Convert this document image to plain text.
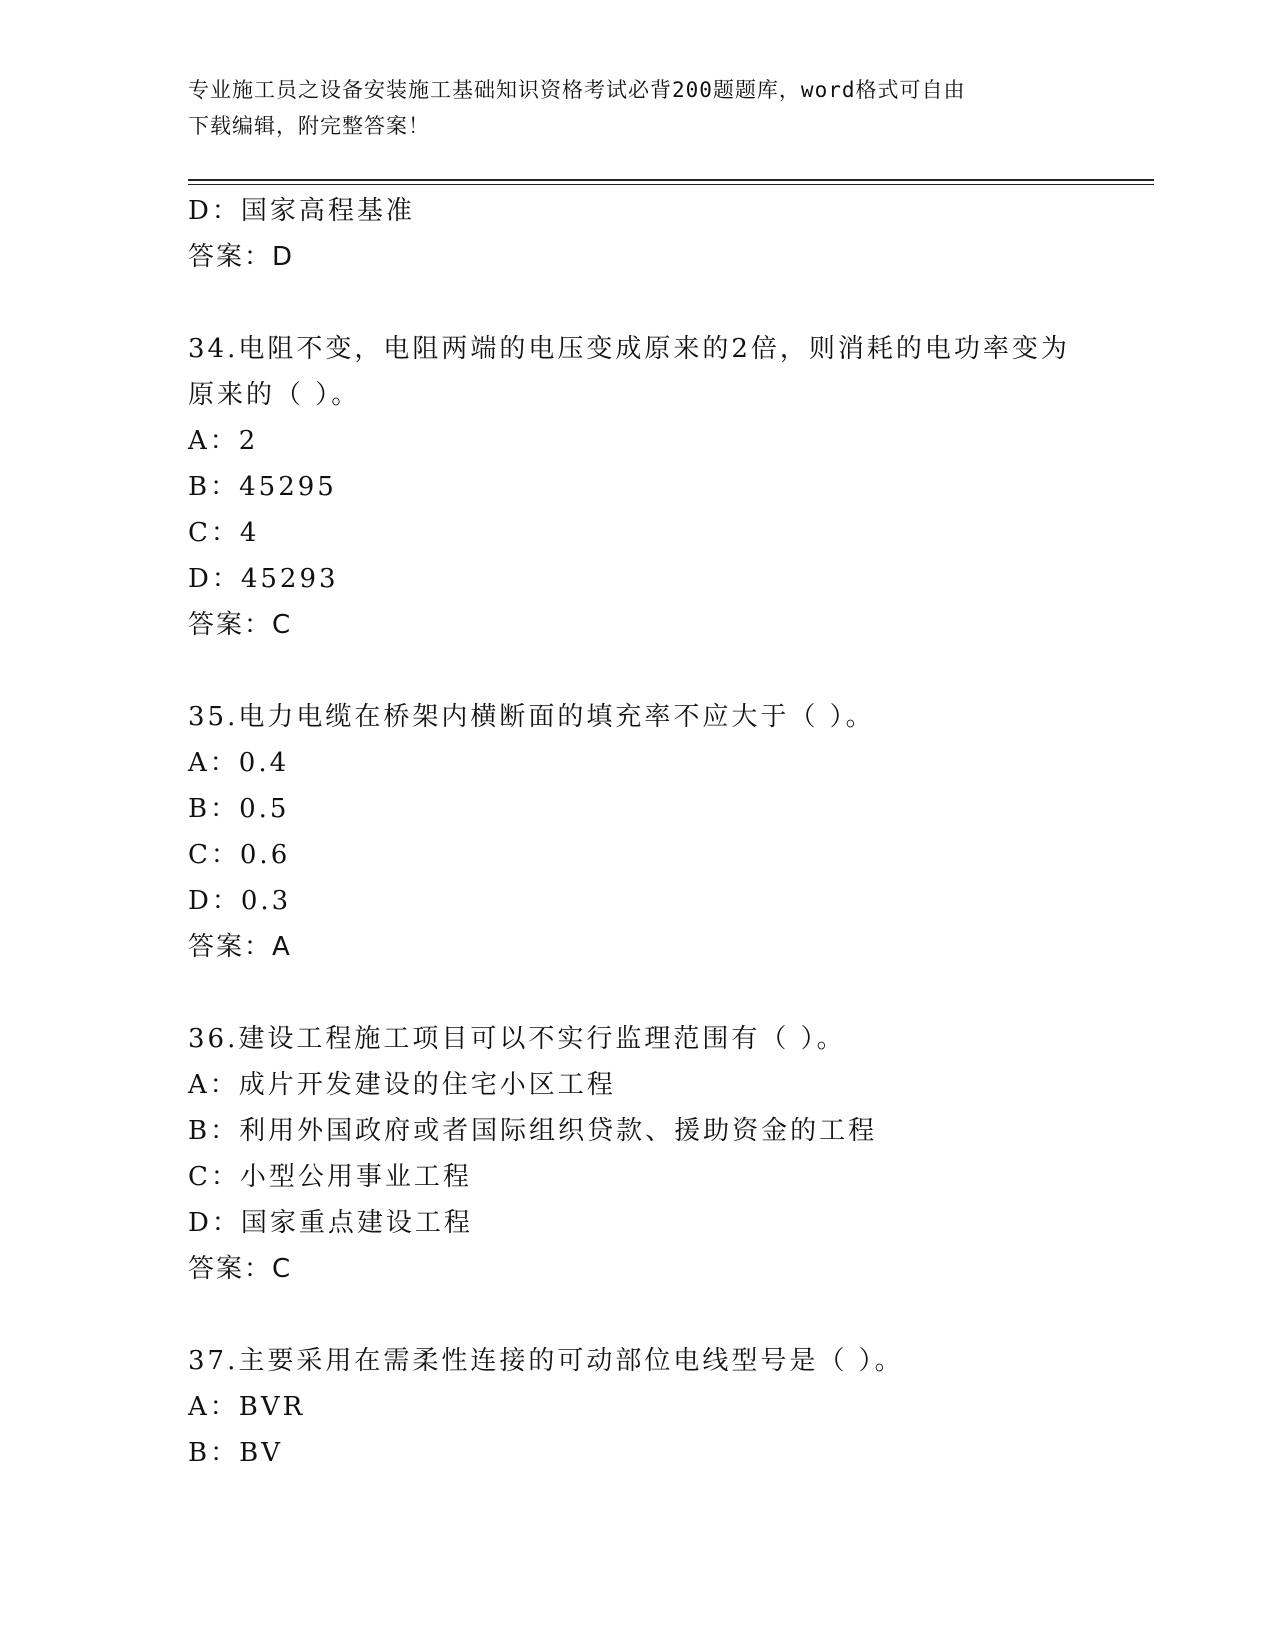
专业施工员之设备安装施工基础知识资格考试必背200题题库，word格式可自由
下载编辑，附完整答案！
D：国家高程基准
答案：D
34.电阻不变，电阻两端的电压变成原来的2倍，则消耗的电功率变为
原来的（ ）。
A：2
B：45295
C：4
D：45293
答案：C
35.电力电缆在桥架内横断面的填充率不应大于（ ）。
A：0.4
B：0.5
C：0.6
D：0.3
答案：A
36.建设工程施工项目可以不实行监理范围有（ ）。
A：成片开发建设的住宅小区工程
B：利用外国政府或者国际组织贷款、援助资金的工程
C：小型公用事业工程
D：国家重点建设工程
答案：C
37.主要采用在需柔性连接的可动部位电线型号是（ ）。
A：BVR
B：BV
